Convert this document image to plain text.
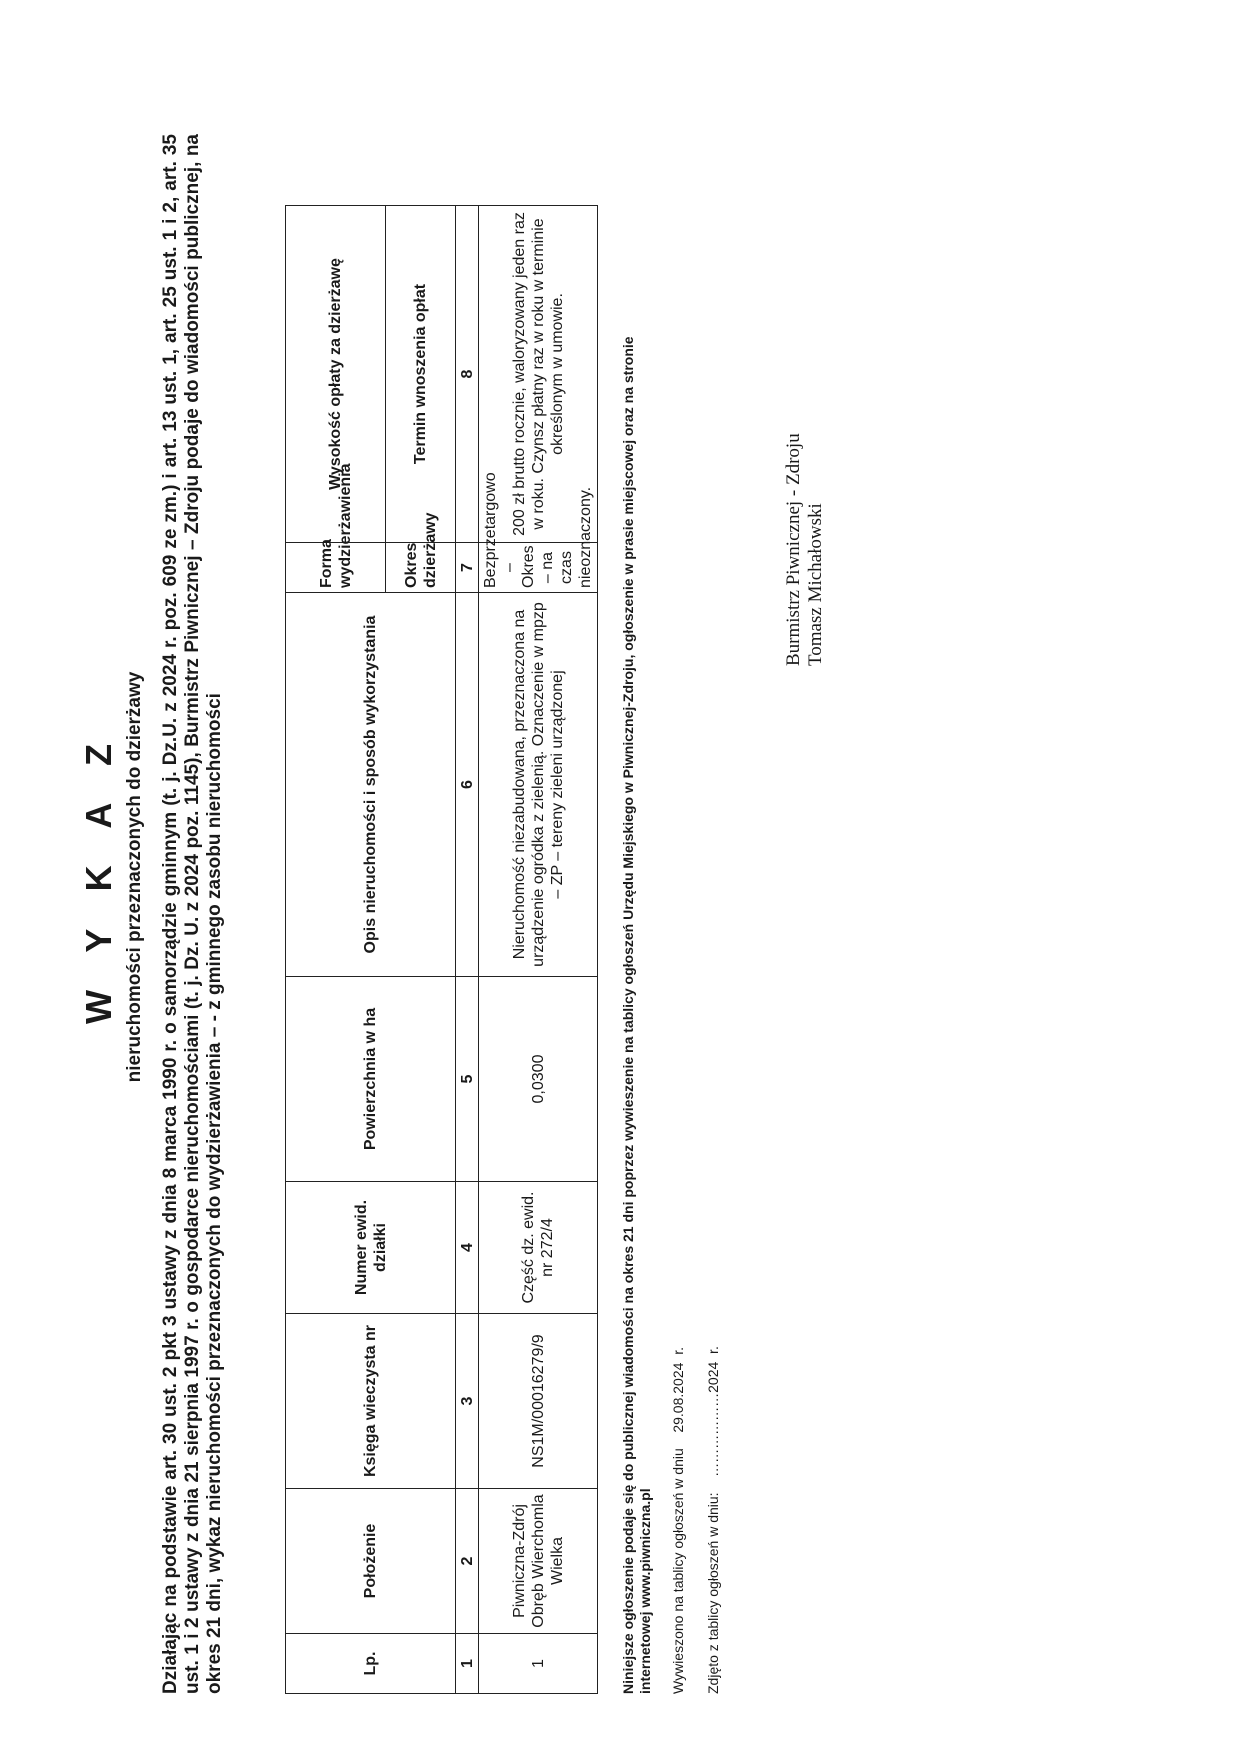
W Y K A Z nieruchomości przeznaczonych do dzierżawy Działając na podstawie art. 30 ust. 2 pkt 3 ustawy z dnia 8 marca 1990 r. o samorządzie gminnym (t. j. Dz.U. z 2024 r. poz. 609 ze zm.) i art. 13 ust. 1, art. 25 ust. 1 i 2, art. 35 ust. 1 i 2 ustawy z dnia 21 sierpnia 1997 r. o gospodarce nieruchomościami (t. j. Dz. U. z 2024 poz. 1145), Burmistrz Piwnicznej – Zdroju podaje do wiadomości publicznej, na okres 21 dni, wykaz nieruchomości przeznaczonych do wydzierżawienia – - z gminnego zasobu nieruchomości	Lp.	Położenie	Księga wieczysta nr	Numer ewid. działki	Powierzchnia w ha	Opis nieruchomości i sposób wykorzystania	Forma wydzierżawienia	Wysokość opłaty za dzierżawę
						Okres dzierżawy	Termin wnoszenia opłat
1	2	3	4	5	6	7	8
1	Piwniczna-Zdrój Obręb Wierchomla Wielka	NS1M/00016279/9	Część dz. ewid. nr 272/4	0,0300	Nieruchomość niezabudowana, przeznaczona na urządzenie ogródka z zielenią. Oznaczenie w mpzp – ZP – tereny zieleni urządzonej	Bezprzetargowo – Okres – na czas nieoznaczony.	200 zł brutto rocznie, waloryzowany jeden raz w roku. Czynsz płatny raz w roku w terminie określonym w umowie.	Niniejsze ogłoszenie podaje się do publicznej wiadomości na okres 21 dni poprzez wywieszenie na tablicy ogłoszeń Urzędu Miejskiego w Piwnicznej-Zdroju, ogłoszenie w prasie miejscowej oraz na stronie internetowej www.piwniczna.pl Wywieszono na tablicy ogłoszeń w dniu    29.08.2024  r.
Zdjęto z tablicy ogłoszeń w dniu:    ………………2024  r.
Burmistrz Piwnicznej - Zdroju Tomasz Michałowski
